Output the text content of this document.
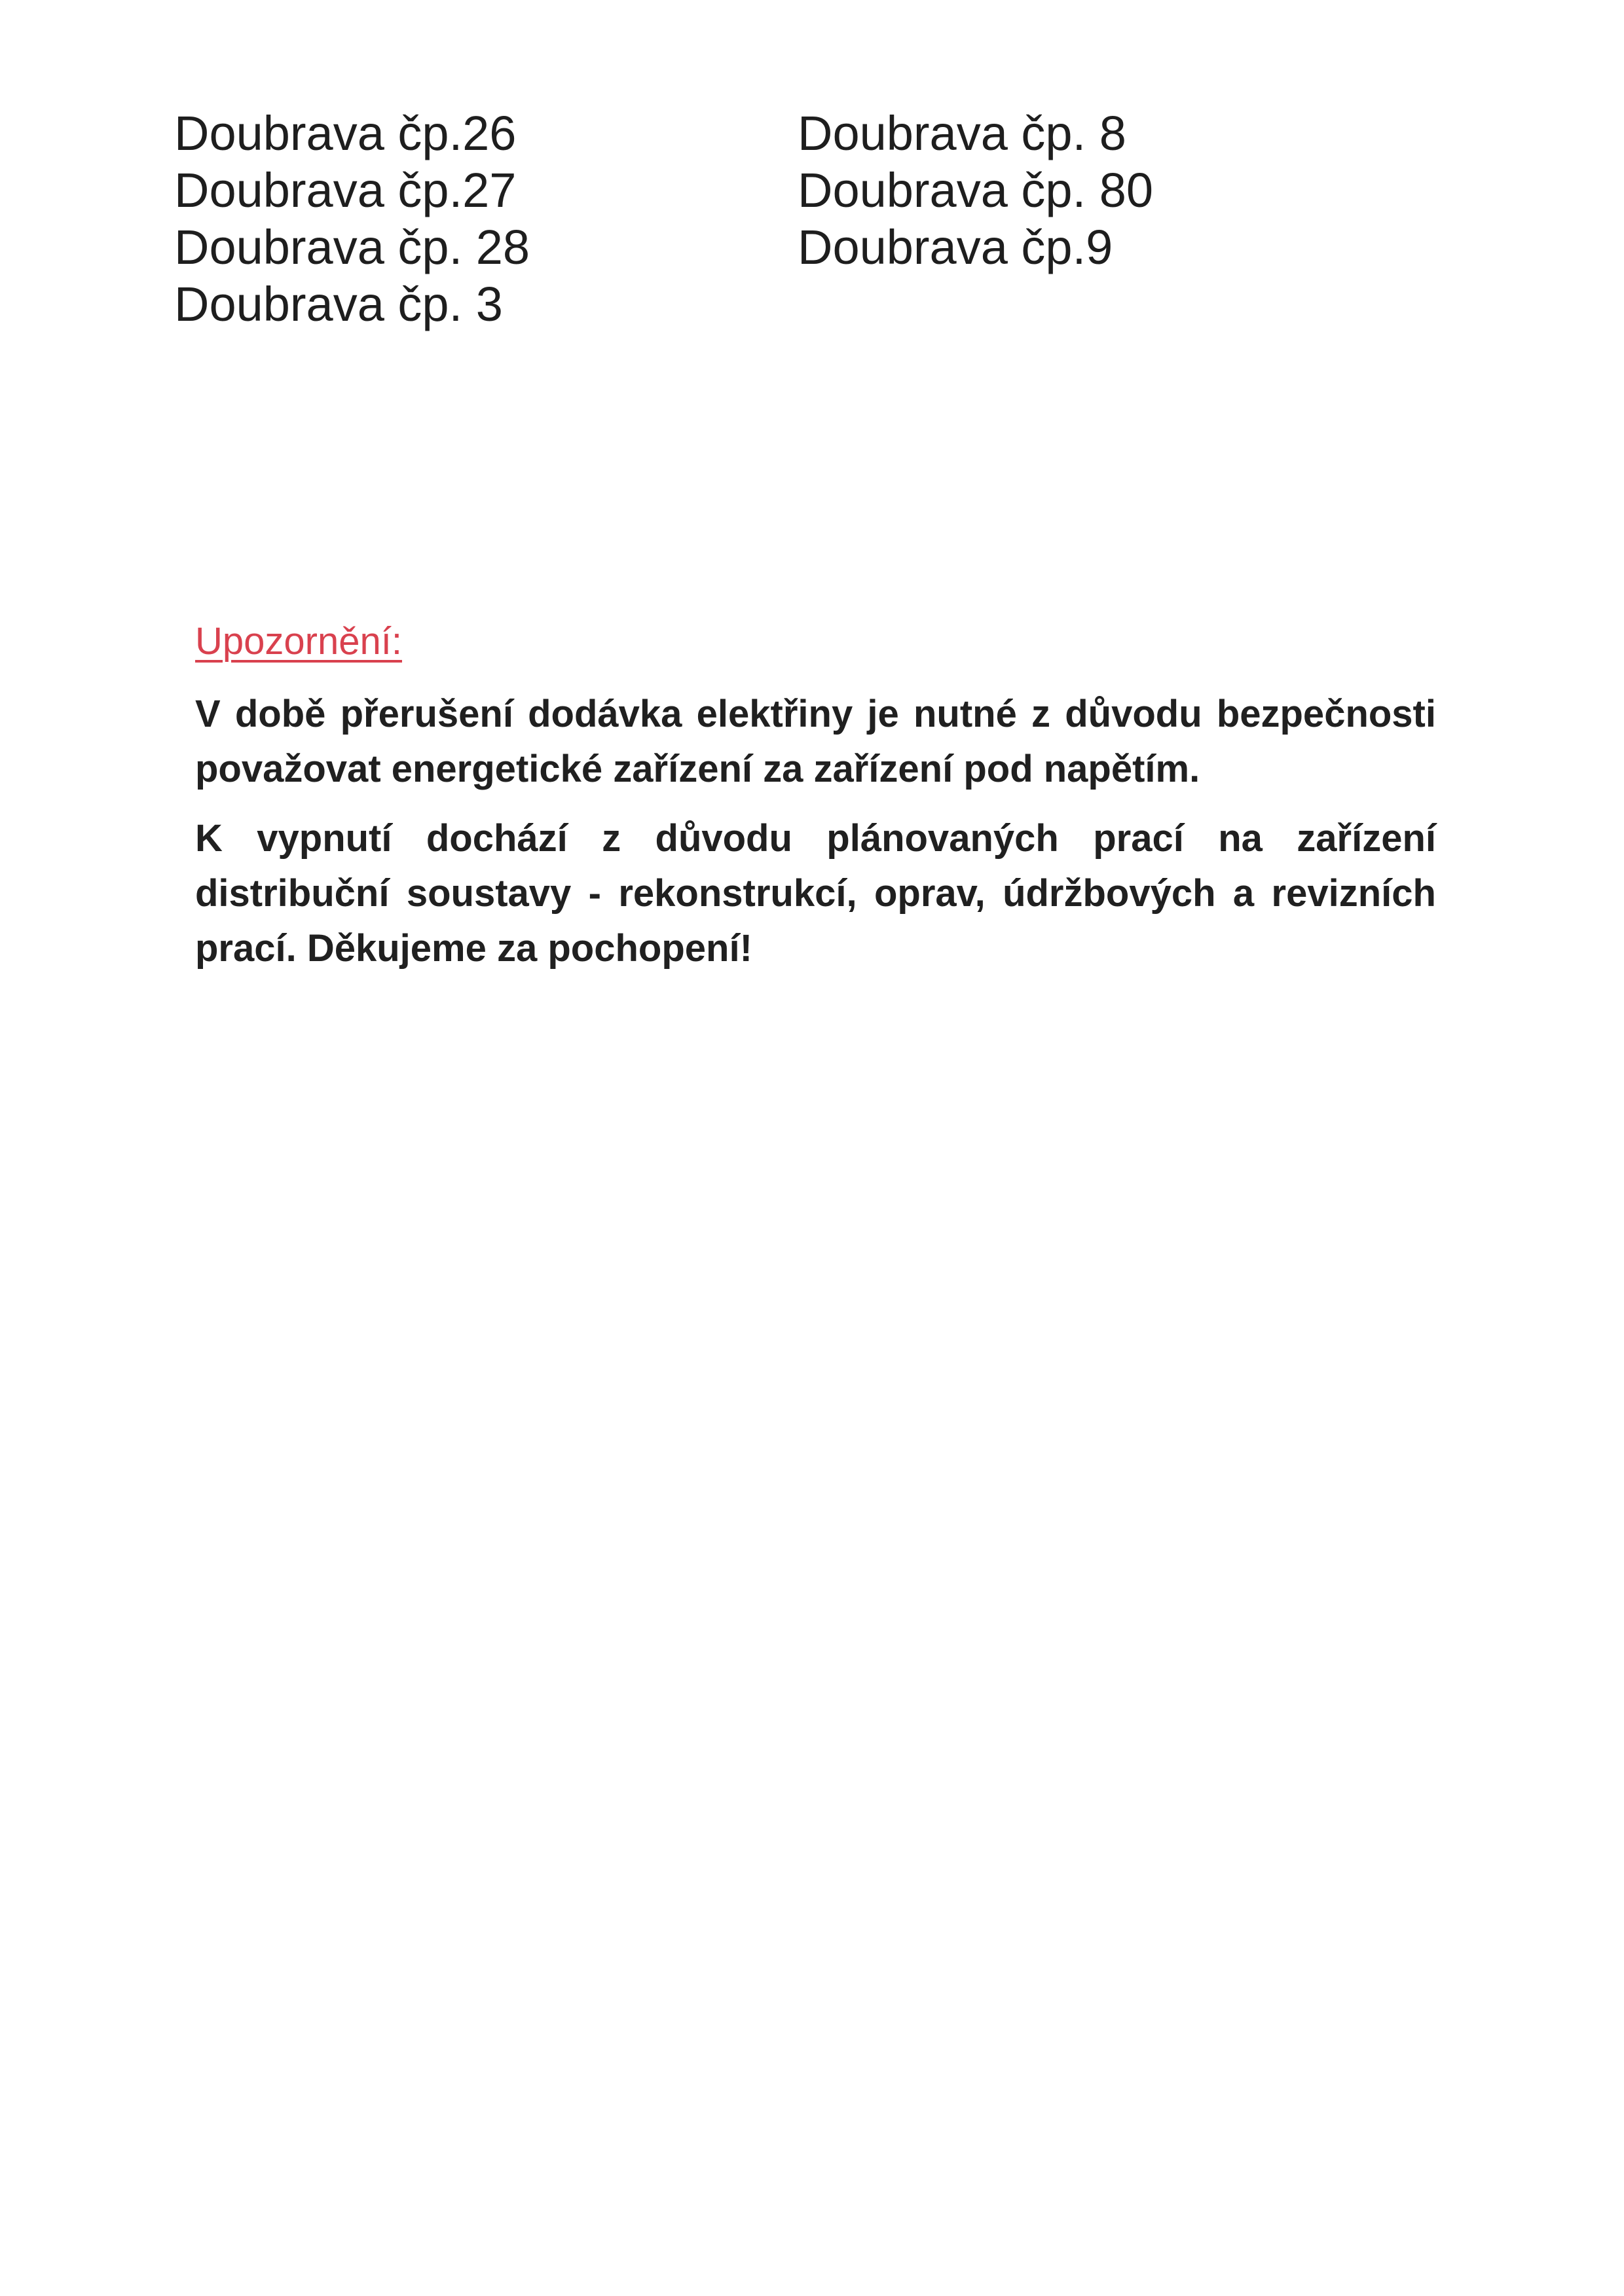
Doubrava čp.26
Doubrava čp.27
Doubrava čp. 28
Doubrava čp. 3
Doubrava čp. 8
Doubrava čp. 80
Doubrava čp.9
Upozornění:

V době přerušení dodávka elektřiny je nutné z důvodu bezpečnosti považovat energetické zařízení za zařízení pod napětím.

K vypnutí dochází z důvodu plánovaných prací na zařízení distribuční soustavy - rekonstrukcí, oprav, údržbových a revizních prací. Děkujeme za pochopení!
